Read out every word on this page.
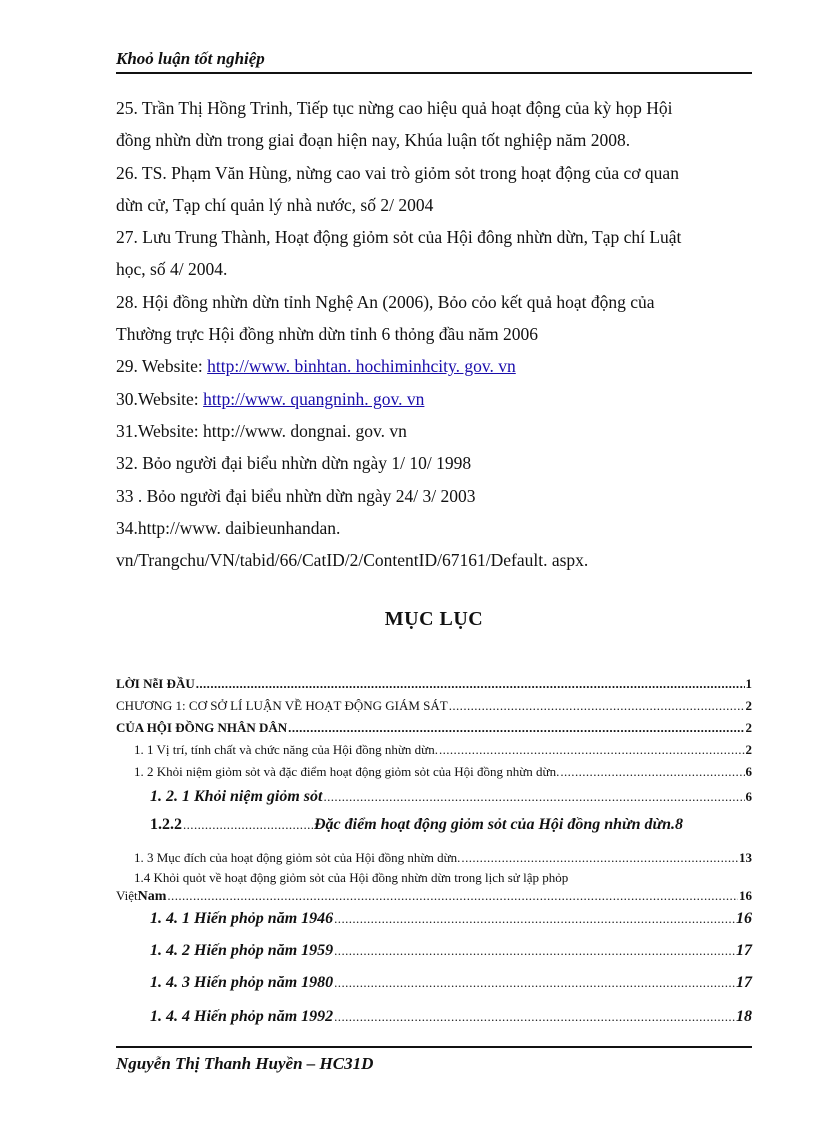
Khoỏ luận tốt nghiệp

25. Trần Thị Hồng Trinh, Tiếp tục nừng cao hiệu quả hoạt động của kỳ họp Hội

đồng nhừn dừn trong giai đoạn hiện nay, Khúa luận tốt nghiệp năm 2008.

26. TS. Phạm Văn Hùng, nừng cao vai trò giỏm sỏt trong hoạt động của cơ quan

dừn cử, Tạp chí quản lý nhà nước, số 2/ 2004

27. Lưu Trung Thành, Hoạt động giỏm sỏt của Hội đông nhừn dừn, Tạp chí Luật

học, số 4/ 2004.

28. Hội đồng nhừn dừn tỉnh Nghệ An (2006), Bỏo cỏo kết quả hoạt động của

Thường trực Hội đồng nhừn dừn tỉnh 6 thỏng đầu năm 2006

29. Website: http://www. binhtan. hochiminhcity. gov. vn

30.Website: http://www. quangninh. gov. vn

31.Website: http://www. dongnai. gov. vn

32. Bỏo người đại biểu nhừn dừn ngày 1/ 10/ 1998

33 . Bỏo người đại biểu nhừn dừn ngày 24/ 3/ 2003

34.http://www. daibieunhandan.

vn/Trangchu/VN/tabid/66/CatID/2/ContentID/67161/Default. aspx.

MỤC LỤC
LỜI NễI ĐẦU .....	1
CHƯƠNG 1: CƠ SỞ LÍ LUẬN VỀ HOẠT ĐỘNG GIÁM SÁT .....	2
CỦA HỘI ĐỒNG NHÂN DÂN .....	2
1. 1 Vị trí, tính chất và chức năng của Hội đồng nhừn dừn. .....	2
1. 2 Khỏi niệm giỏm sỏt và đặc điểm hoạt động giỏm sỏt của Hội đồng nhừn dừn. .....	6
1. 2. 1 Khỏi niệm giỏm sỏt .....	6
1.2.2 .....	Đặc điểm hoạt động giỏm sỏt của Hội đồng nhừn dừn. 8
1. 3 Mục đích của hoạt động giỏm sỏt của Hội đồng nhừn dừn. .....	13
1.4 Khỏi quỏt về hoạt động giỏm sỏt của Hội đồng nhừn dừn trong lịch sử lập phỏp
Việt Nam .....	16
1. 4. 1 Hiến phỏp năm 1946 .....	16
1. 4. 2 Hiến phỏp năm 1959 .....	17
1. 4. 3 Hiến phỏp năm 1980 .....	17
1. 4. 4 Hiến phỏp năm 1992 .....	18
Nguyễn Thị Thanh Huyền – HC31D
